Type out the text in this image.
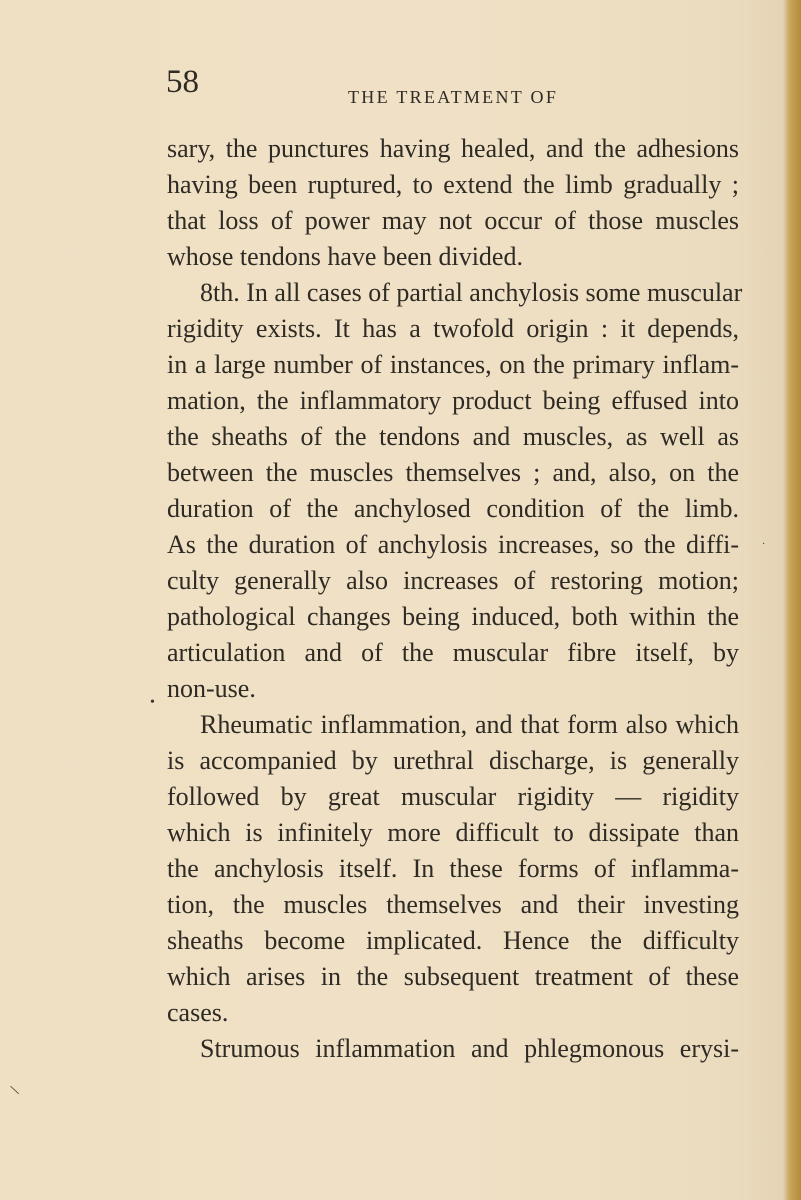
58	THE TREATMENT OF
sary, the punctures having healed, and the adhesions
having been ruptured, to extend the limb gradually ;
that loss of power may not occur of those muscles
whose tendons have been divided.
8th. In all cases of partial anchylosis some muscular
rigidity exists. It has a twofold origin : it depends,
in a large number of instances, on the primary inflam-
mation, the inflammatory product being effused into
the sheaths of the tendons and muscles, as well as
between the muscles themselves ; and, also, on the
duration of the anchylosed condition of the limb.
As the duration of anchylosis increases, so the diffi-
culty generally also increases of restoring motion;
pathological changes being induced, both within the
articulation and of the muscular fibre itself, by
non-use.
Rheumatic inflammation, and that form also which
is accompanied by urethral discharge, is generally
followed by great muscular rigidity — rigidity
which is infinitely more difficult to dissipate than
the anchylosis itself. In these forms of inflamma-
tion, the muscles themselves and their investing
sheaths become implicated. Hence the difficulty
which arises in the subsequent treatment of these
cases.
Strumous inflammation and phlegmonous erysi-
•
·
\
